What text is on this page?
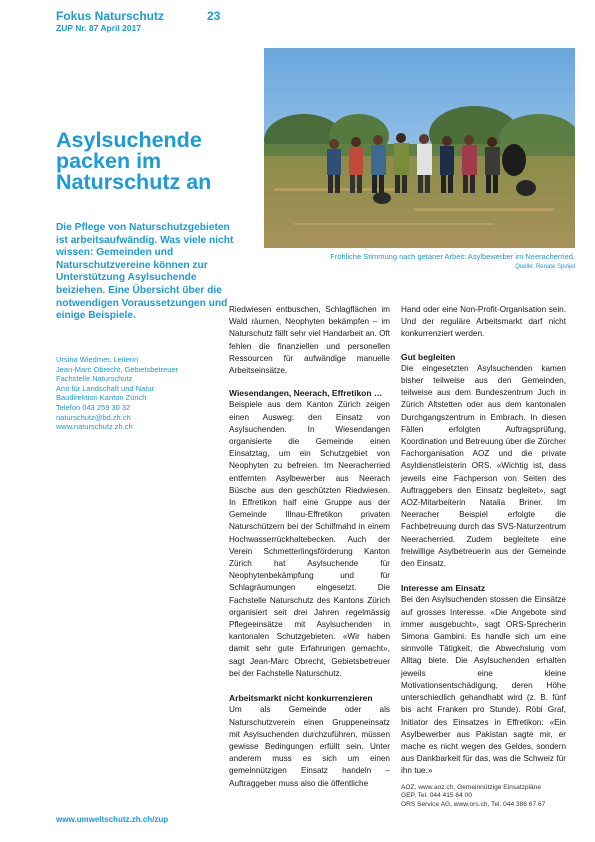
Fokus Naturschutz	23
ZUP Nr. 87 April 2017
Fröhliche Stimmung nach getaner Arbeit: Asylbewerber im Neeracherried.
Quelle: Renate Spinjel
Asylsuchende packen im Naturschutz an

Die Pflege von Naturschutzgebieten ist arbeitsaufwändig. Was viele nicht wissen: Gemeinden und Naturschutzvereine können zur Unterstützung Asylsuchende beiziehen. Eine Übersicht über die notwendigen Voraussetzungen und einige Beispiele.

Ursina Wiedmer, Leiterin
Jean-Marc Obrecht, Gebietsbetreuer
Fachstelle Naturschutz
Amt für Landschaft und Natur
Baudirektion Kanton Zürich
Telefon 043 259 30 32
naturschutz@bd.zh.ch
www.naturschutz.zh.ch

Riedwiesen entbuschen, Schlagflächen im Wald räumen, Neophyten bekämpfen – im Naturschutz fällt sehr viel Handarbeit an. Oft fehlen die finanziellen und personellen Ressourcen für aufwändige manuelle Arbeitseinsätze.

Wiesendangen, Neerach, Effretikon …

Beispiele aus dem Kanton Zürich zeigen einen Ausweg: den Einsatz von Asylsuchenden. In Wiesendangen organisierte die Gemeinde einen Einsatztag, um ein Schutzgebiet von Neophyten zu befreien. Im Neeracherried entfernten Asylbewerber aus Neerach Büsche aus den geschützten Riedwiesen. In Effretikon half eine Gruppe aus der Gemeinde Illnau-Effretikon privaten Naturschützern bei der Schilfmahd in einem Hochwasserrückhaltebecken. Auch der Verein Schmetterlingsförderung Kanton Zürich hat Asylsuchende für Neophytenbekämpfung und für Schlagräumungen eingesetzt. Die Fachstelle Naturschutz des Kantons Zürich organisiert seit drei Jahren regelmässig Pflegeeinsätze mit Asylsuchenden in kantonalen Schutzgebieten. «Wir haben damit sehr gute Erfahrungen gemacht», sagt Jean-Marc Obrecht, Gebietsbetreuer bei der Fachstelle Naturschutz.

Arbeitsmarkt nicht konkurrenzieren

Um als Gemeinde oder als Naturschutzverein einen Gruppeneinsatz mit Asylsuchenden durchzuführen, müssen gewisse Bedingungen erfüllt sein. Unter anderem muss es sich um einen gemeinnützigen Einsatz handeln – Auftraggeber muss also die öffentliche

Hand oder eine Non-Profit-Organisation sein. Und der reguläre Arbeitsmarkt darf nicht konkurrenziert werden.

Gut begleiten

Die eingesetzten Asylsuchenden kamen bisher teilweise aus den Gemeinden, teilweise aus dem Bundeszentrum Juch in Zürich Altstetten oder aus dem kantonalen Durchgangszentrum in Embrach. In diesen Fällen erfolgten Auftragsprüfung, Koordination und Betreuung über die Zürcher Fachorganisation AOZ und die private Asyldienstleisterin ORS. «Wichtig ist, dass jeweils eine Fachperson von Seiten des Auftraggebers den Einsatz begleitet», sagt AOZ-Mitarbeiterin Natalia Briner. Im Neeracher Beispiel erfolgte die Fachbetreuung durch das SVS-Naturzentrum Neeracherried. Zudem begleitete eine freiwillige Asylbetreuerin aus der Gemeinde den Einsatz.

Interesse am Einsatz

Bei den Asylsuchenden stossen die Einsätze auf grosses Interesse. «Die Angebote sind immer ausgebucht», sagt ORS-Sprecherin Simona Gambini. Es handle sich um eine sinnvolle Tätigkeit, die Abwechslung vom Alltag biete. Die Asylsuchenden erhalten jeweils eine kleine Motivationsentschädigung, deren Höhe unterschiedlich gehandhabt wird (z. B. fünf bis acht Franken pro Stunde). Röbi Graf, Initiator des Einsatzes in Effretikon: «Ein Asylbewerber aus Pakistan sagte mir, er mache es nicht wegen des Geldes, sondern aus Dankbarkeit für das, was die Schweiz für ihn tue.»

AOZ, www.aoz.ch, Gemeinnützige Einsatzpläne
GEP, Tel. 044 415 64 00
ORS Service AG, www.ors.ch, Tel. 044 386 67 67
www.umweltschutz.zh.ch/zup
